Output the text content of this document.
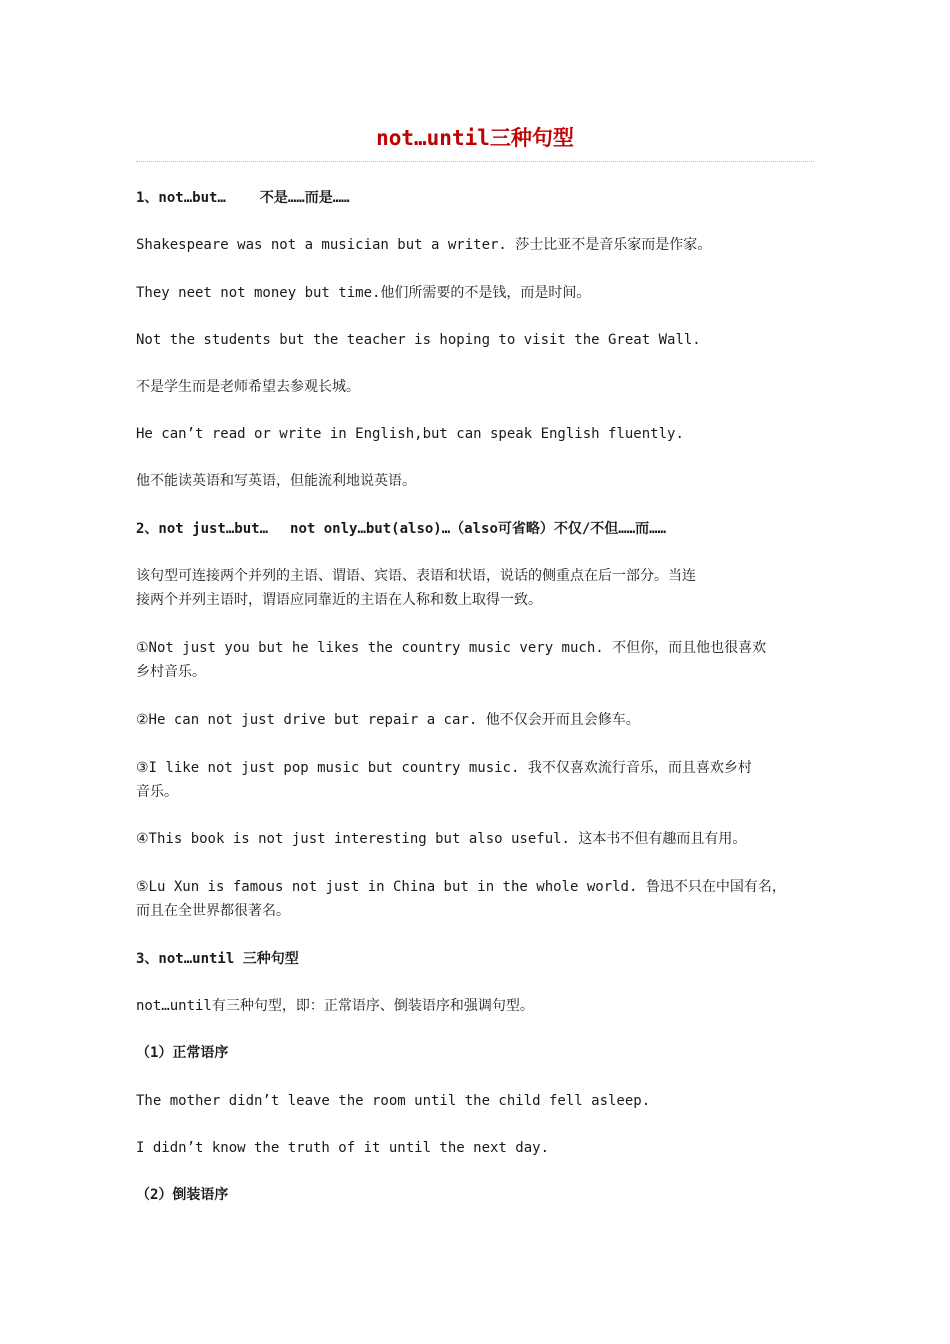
not…until三种句型
1、not…but… 不是……而是……
Shakespeare was not a musician but a writer. 莎士比亚不是音乐家而是作家。
They neet not money but time.他们所需要的不是钱，而是时间。
Not the students but the teacher is hoping to visit the Great Wall.
不是学生而是老师希望去参观长城。
He can’t read or write in English,but can speak English fluently.
他不能读英语和写英语，但能流利地说英语。
2、not just…but… not only…but(also)…（also可省略）不仅/不但……而……
该句型可连接两个并列的主语、谓语、宾语、表语和状语，说话的侧重点在后一部分。当连
接两个并列主语时，谓语应同靠近的主语在人称和数上取得一致。
①Not just you but he likes the country music very much. 不但你，而且他也很喜欢
乡村音乐。
②He can not just drive but repair a car. 他不仅会开而且会修车。
③I like not just pop music but country music. 我不仅喜欢流行音乐，而且喜欢乡村
音乐。
④This book is not just interesting but also useful. 这本书不但有趣而且有用。
⑤Lu Xun is famous not just in China but in the whole world. 鲁迅不只在中国有名，
而且在全世界都很著名。
3、not…until 三种句型
not…until有三种句型，即：正常语序、倒装语序和强调句型。
（1）正常语序
The mother didn’t leave the room until the child fell asleep.
I didn’t know the truth of it until the next day.
（2）倒装语序
